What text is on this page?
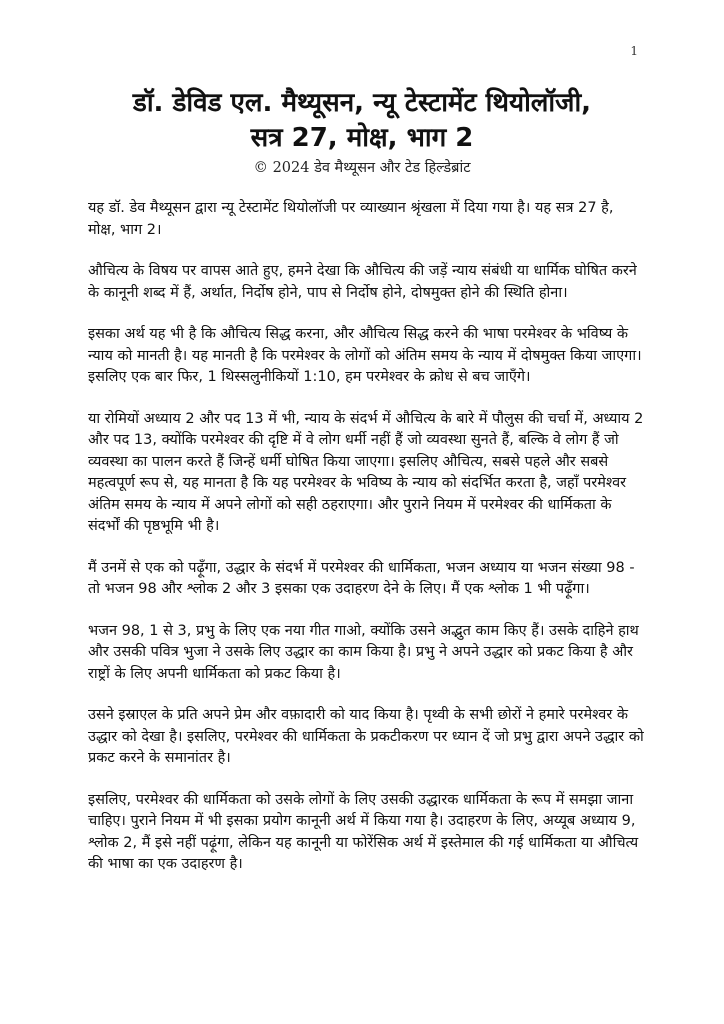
1
डॉ. डेविड एल. मैथ्यूसन, न्यू टेस्टामेंट थियोलॉजी,
सत्र 27, मोक्ष, भाग 2

© 2024 डेव मैथ्यूसन और टेड हिल्डेब्रांट

यह डॉ. डेव मैथ्यूसन द्वारा न्यू टेस्टामेंट थियोलॉजी पर व्याख्यान श्रृंखला में दिया गया है। यह सत्र 27 है, मोक्ष, भाग 2।

औचित्य के विषय पर वापस आते हुए, हमने देखा कि औचित्य की जड़ें न्याय संबंधी या धार्मिक घोषित करने के कानूनी शब्द में हैं, अर्थात, निर्दोष होने, पाप से निर्दोष होने, दोषमुक्त होने की स्थिति होना।

इसका अर्थ यह भी है कि औचित्य सिद्ध करना, और औचित्य सिद्ध करने की भाषा परमेश्वर के भविष्य के न्याय को मानती है। यह मानती है कि परमेश्वर के लोगों को अंतिम समय के न्याय में दोषमुक्त किया जाएगा। इसलिए एक बार फिर, 1 थिस्सलुनीकियों 1:10, हम परमेश्वर के क्रोध से बच जाएँगे।

या रोमियों अध्याय 2 और पद 13 में भी, न्याय के संदर्भ में औचित्य के बारे में पौलुस की चर्चा में, अध्याय 2 और पद 13, क्योंकि परमेश्वर की दृष्टि में वे लोग धर्मी नहीं हैं जो व्यवस्था सुनते हैं, बल्कि वे लोग हैं जो व्यवस्था का पालन करते हैं जिन्हें धर्मी घोषित किया जाएगा। इसलिए औचित्य, सबसे पहले और सबसे महत्वपूर्ण रूप से, यह मानता है कि यह परमेश्वर के भविष्य के न्याय को संदर्भित करता है, जहाँ परमेश्वर अंतिम समय के न्याय में अपने लोगों को सही ठहराएगा। और पुराने नियम में परमेश्वर की धार्मिकता के संदर्भों की पृष्ठभूमि भी है।

मैं उनमें से एक को पढ़ूँगा, उद्धार के संदर्भ में परमेश्वर की धार्मिकता, भजन अध्याय या भजन संख्या 98 - तो भजन 98 और श्लोक 2 और 3 इसका एक उदाहरण देने के लिए। मैं एक श्लोक 1 भी पढ़ूँगा।

भजन 98, 1 से 3, प्रभु के लिए एक नया गीत गाओ, क्योंकि उसने अद्भुत काम किए हैं। उसके दाहिने हाथ और उसकी पवित्र भुजा ने उसके लिए उद्धार का काम किया है। प्रभु ने अपने उद्धार को प्रकट किया है और राष्ट्रों के लिए अपनी धार्मिकता को प्रकट किया है।

उसने इस्राएल के प्रति अपने प्रेम और वफ़ादारी को याद किया है। पृथ्वी के सभी छोरों ने हमारे परमेश्वर के उद्धार को देखा है। इसलिए, परमेश्वर की धार्मिकता के प्रकटीकरण पर ध्यान दें जो प्रभु द्वारा अपने उद्धार को प्रकट करने के समानांतर है।

इसलिए, परमेश्वर की धार्मिकता को उसके लोगों के लिए उसकी उद्धारक धार्मिकता के रूप में समझा जाना चाहिए। पुराने नियम में भी इसका प्रयोग कानूनी अर्थ में किया गया है। उदाहरण के लिए, अय्यूब अध्याय 9, श्लोक 2, मैं इसे नहीं पढ़ूंगा, लेकिन यह कानूनी या फोरेंसिक अर्थ में इस्तेमाल की गई धार्मिकता या औचित्य की भाषा का एक उदाहरण है।
